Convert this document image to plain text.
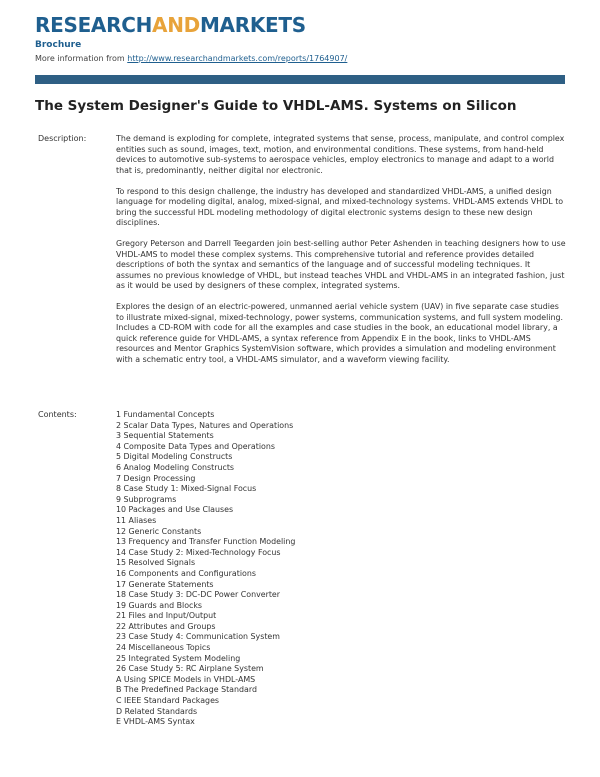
RESEARCHANDMARKETS
Brochure
More information from http://www.researchandmarkets.com/reports/1764907/
The System Designer's Guide to VHDL-AMS. Systems on Silicon
Description:	The demand is exploding for complete, integrated systems that sense, process, manipulate, and control complex entities such as sound, images, text, motion, and environmental conditions. These systems, from hand-held devices to automotive sub-systems to aerospace vehicles, employ electronics to manage and adapt to a world that is, predominantly, neither digital nor electronic.

To respond to this design challenge, the industry has developed and standardized VHDL-AMS, a unified design language for modeling digital, analog, mixed-signal, and mixed-technology systems. VHDL-AMS extends VHDL to bring the successful HDL modeling methodology of digital electronic systems design to these new design disciplines.

Gregory Peterson and Darrell Teegarden join best-selling author Peter Ashenden in teaching designers how to use VHDL-AMS to model these complex systems. This comprehensive tutorial and reference provides detailed descriptions of both the syntax and semantics of the language and of successful modeling techniques. It assumes no previous knowledge of VHDL, but instead teaches VHDL and VHDL-AMS in an integrated fashion, just as it would be used by designers of these complex, integrated systems.

Explores the design of an electric-powered, unmanned aerial vehicle system (UAV) in five separate case studies to illustrate mixed-signal, mixed-technology, power systems, communication systems, and full system modeling.

Includes a CD-ROM with code for all the examples and case studies in the book, an educational model library, a quick reference guide for VHDL-AMS, a syntax reference from Appendix E in the book, links to VHDL-AMS resources and Mentor Graphics SystemVision software, which provides a simulation and modeling environment with a schematic entry tool, a VHDL-AMS simulator, and a waveform viewing facility.

Contents:	1 Fundamental Concepts
2 Scalar Data Types, Natures and Operations
3 Sequential Statements
4 Composite Data Types and Operations
5 Digital Modeling Constructs
6 Analog Modeling Constructs
7 Design Processing
8 Case Study 1: Mixed-Signal Focus
9 Subprograms
10 Packages and Use Clauses
11 Aliases
12 Generic Constants
13 Frequency and Transfer Function Modeling
14 Case Study 2: Mixed-Technology Focus
15 Resolved Signals
16 Components and Configurations
17 Generate Statements
18 Case Study 3: DC-DC Power Converter
19 Guards and Blocks
21 Files and Input/Output
22 Attributes and Groups
23 Case Study 4: Communication System
24 Miscellaneous Topics
25 Integrated System Modeling
26 Case Study 5: RC Airplane System
A Using SPICE Models in VHDL-AMS
B The Predefined Package Standard
C IEEE Standard Packages
D Related Standards
E VHDL-AMS Syntax
